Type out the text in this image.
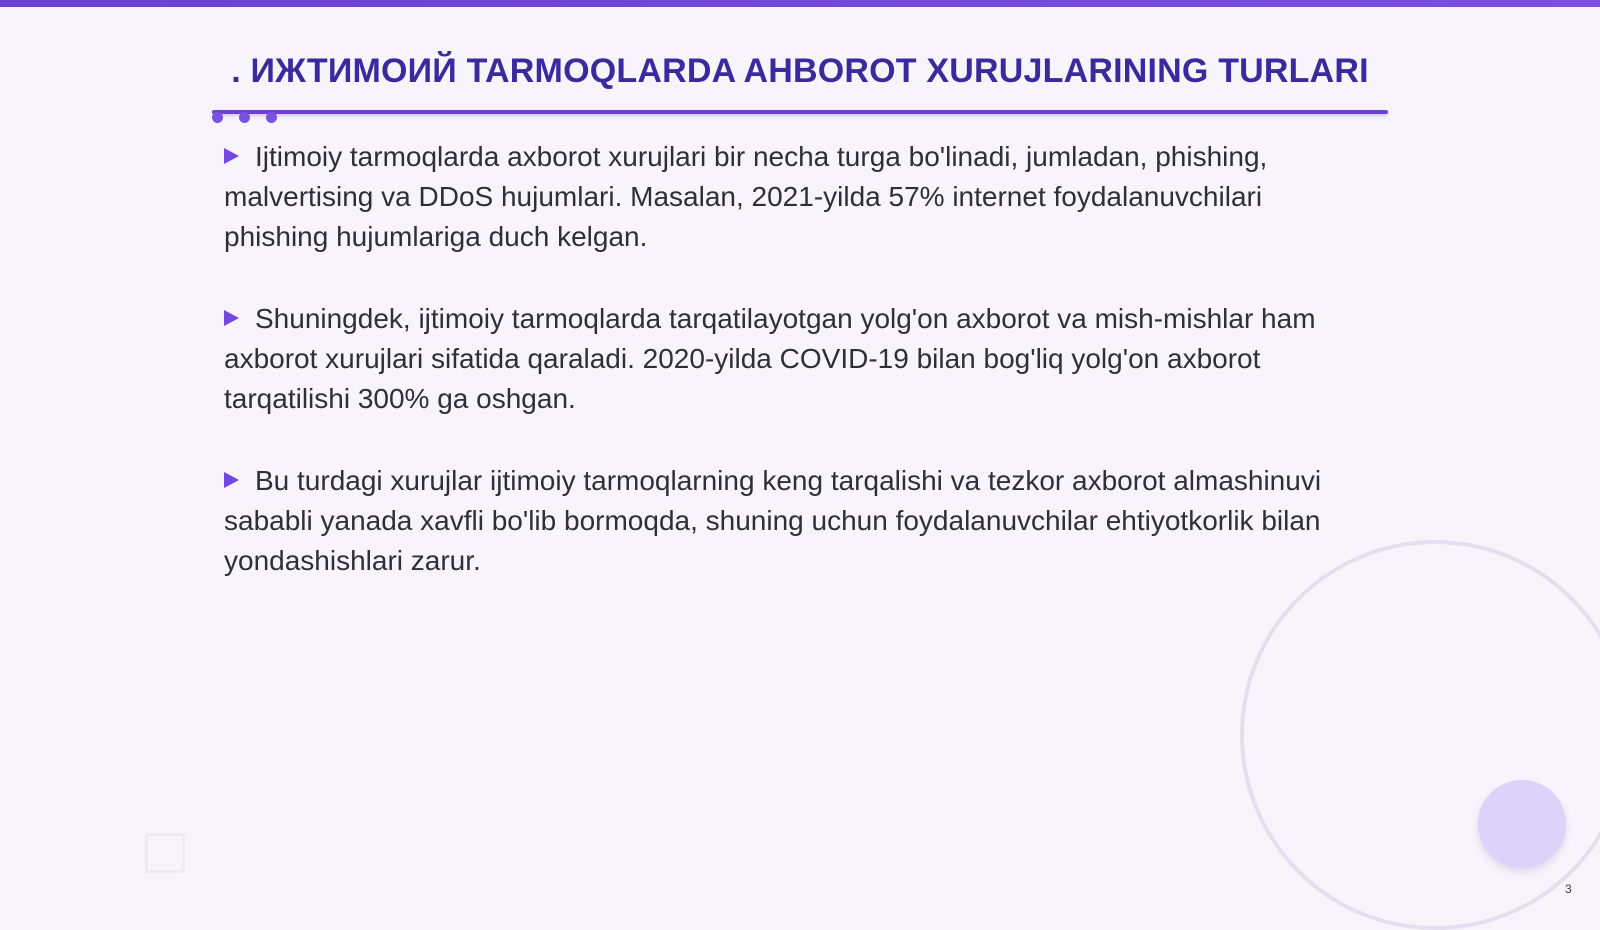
. ИЖТИМОИЙ TARMOQLARDA AHBOROT XURUJLARINING TURLARI

Ijtimoiy tarmoqlarda axborot xurujlari bir necha turga bo'linadi, jumladan, phishing, malvertising va DDoS hujumlari. Masalan, 2021-yilda 57% internet foydalanuvchilari phishing hujumlariga duch kelgan.

Shuningdek, ijtimoiy tarmoqlarda tarqatilayotgan yolg'on axborot va mish-mishlar ham axborot xurujlari sifatida qaraladi. 2020-yilda COVID-19 bilan bog'liq yolg'on axborot tarqatilishi 300% ga oshgan.

Bu turdagi xurujlar ijtimoiy tarmoqlarning keng tarqalishi va tezkor axborot almashinuvi sababli yanada xavfli bo'lib bormoqda, shuning uchun foydalanuvchilar ehtiyotkorlik bilan yondashishlari zarur.

3
